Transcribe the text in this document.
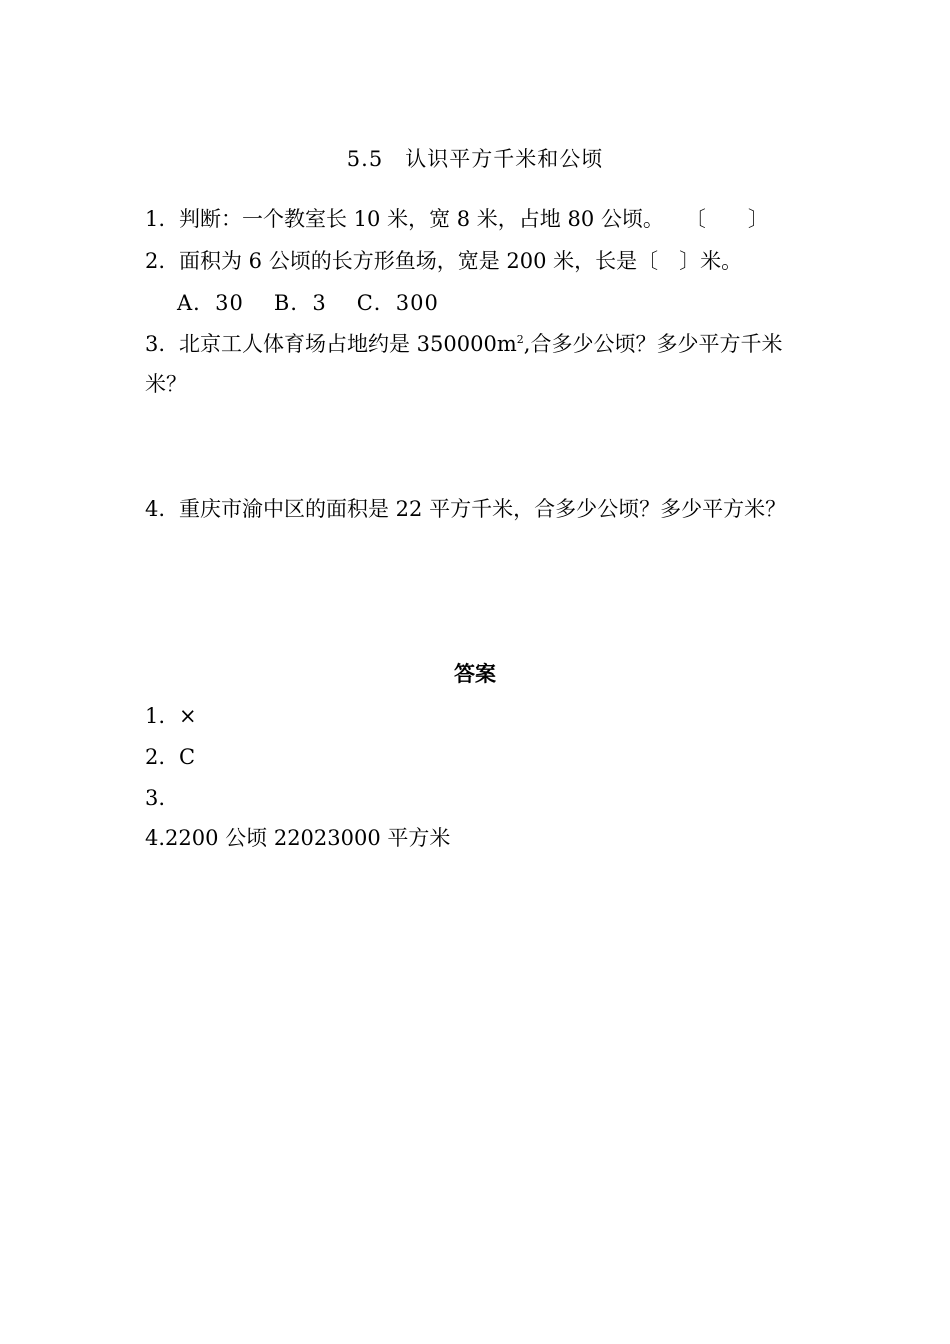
5.5　认识平方千米和公顷
1. 判断：一个教室长 10 米，宽 8 米，占地 80 公顷。　　〔　　〕
2. 面积为 6 公顷的长方形鱼场，宽是 200 米，长是〔　〕米。
A．30 B．3 C．300
3. 北京工人体育场占地约是 $350000m^2$,合多少公顷？多少平方千米
米？
4. 重庆市渝中区的面积是 22 平方千米，合多少公顷？多少平方米？
答案
1. ×
2. C
3.
4.2200 公顷 22023000 平方米
